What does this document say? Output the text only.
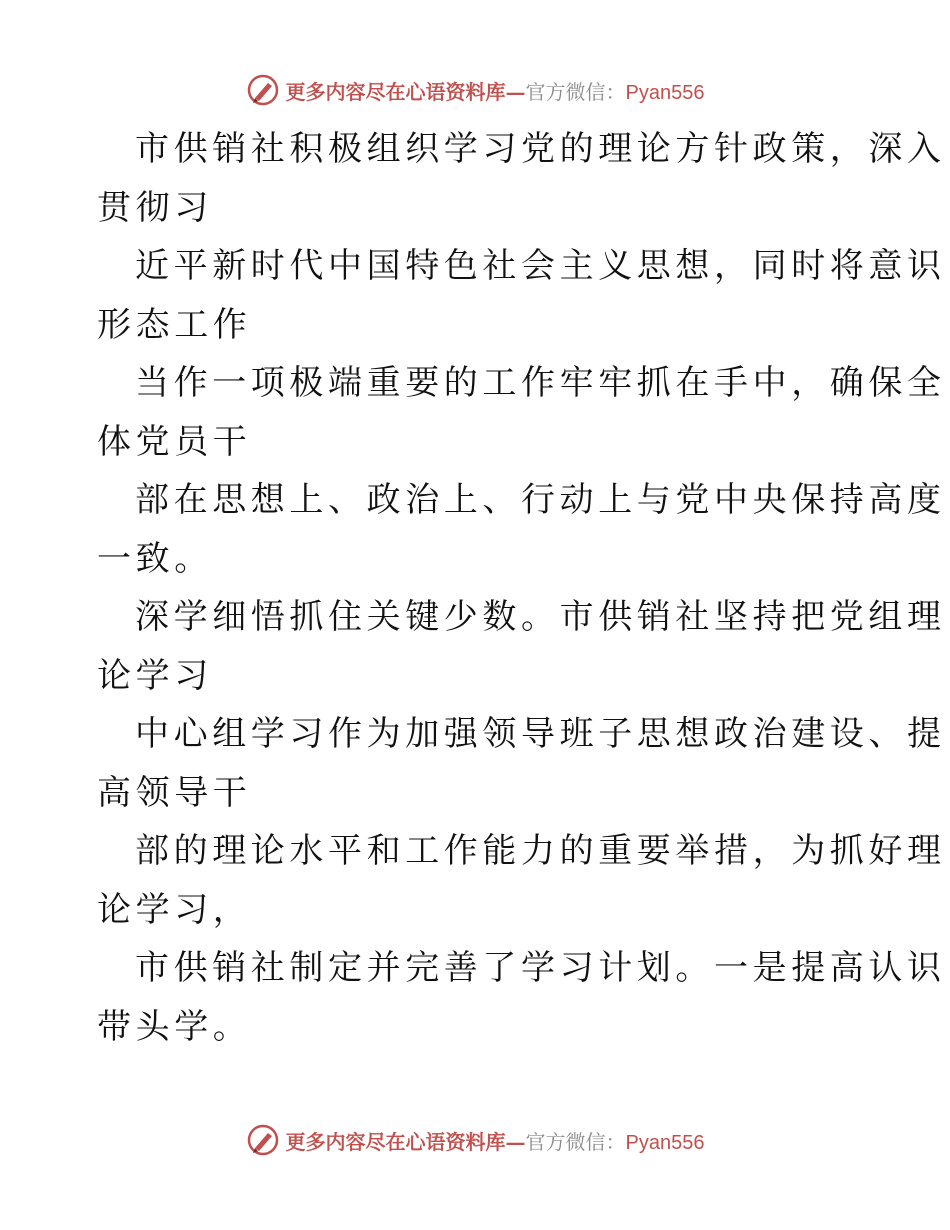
更多内容尽在心语资料库—官方微信：Pyan556
市供销社积极组织学习党的理论方针政策，深入
贯彻习
近平新时代中国特色社会主义思想，同时将意识
形态工作
当作一项极端重要的工作牢牢抓在手中，确保全
体党员干
部在思想上、政治上、行动上与党中央保持高度
一致。
深学细悟抓住关键少数。市供销社坚持把党组理
论学习
中心组学习作为加强领导班子思想政治建设、提
高领导干
部的理论水平和工作能力的重要举措，为抓好理
论学习，
市供销社制定并完善了学习计划。一是提高认识
带头学。
更多内容尽在心语资料库—官方微信：Pyan556
